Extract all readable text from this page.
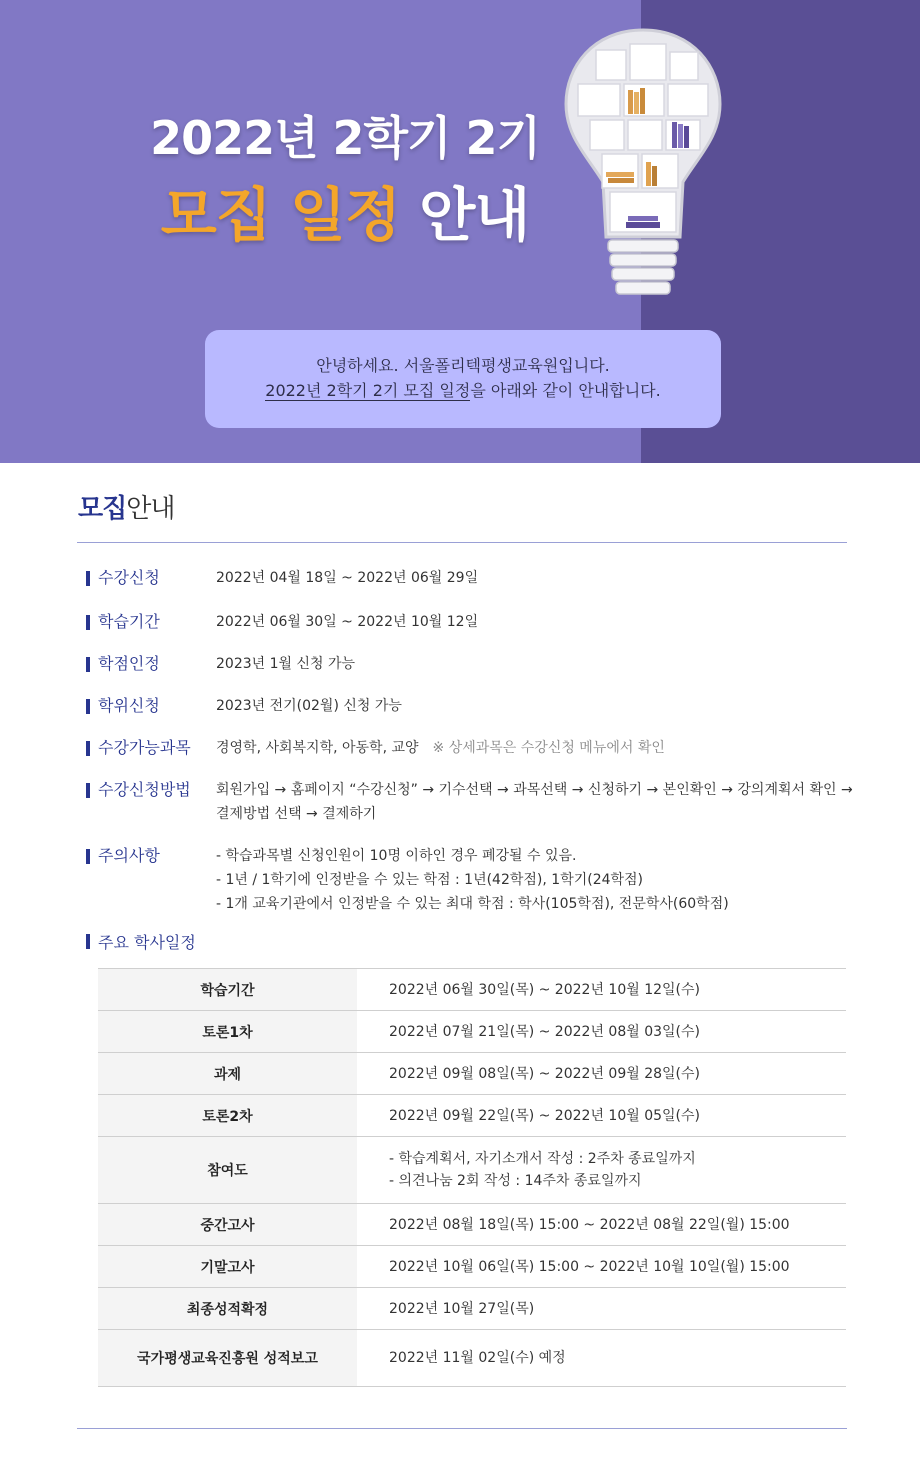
2022년 2학기 2기
모집 일정 안내
안녕하세요. 서울폴리텍평생교육원입니다.
2022년 2학기 2기 모집 일정을 아래와 같이 안내합니다.
모집안내
수강신청	2022년 04월 18일 ~ 2022년 06월 29일
학습기간	2022년 06월 30일 ~ 2022년 10월 12일
학점인정	2023년 1월 신청 가능
학위신청	2023년 전기(02월) 신청 가능
수강가능과목 경영학, 사회복지학, 아동학, 교양 ※ 상세과목은 수강신청 메뉴에서 확인
수강신청방법 회원가입 → 홈페이지 “수강신청” → 기수선택 → 과목선택 → 신청하기 → 본인확인 → 강의계획서 확인 →
결제방법 선택 → 결제하기
주의사항	- 학습과목별 신청인원이 10명 이하인 경우 폐강될 수 있음.
- 1년 / 1학기에 인정받을 수 있는 학점 : 1년(42학점), 1학기(24학점)
- 1개 교육기관에서 인정받을 수 있는 최대 학점 : 학사(105학점), 전문학사(60학점)
주요 학사일정
학습기간	2022년 06월 30일(목) ~ 2022년 10월 12일(수)
토론1차	2022년 07월 21일(목) ~ 2022년 08월 03일(수)
과제	2022년 09월 08일(목) ~ 2022년 09월 28일(수)
토론2차	2022년 09월 22일(목) ~ 2022년 10월 05일(수)
참여도	- 학습계획서, 자기소개서 작성 : 2주차 종료일까지
- 의견나눔 2회 작성 : 14주차 종료일까지

중간고사	2022년 08월 18일(목) 15:00 ~ 2022년 08월 22일(월) 15:00
기말고사	2022년 10월 06일(목) 15:00 ~ 2022년 10월 10일(월) 15:00
최종성적확정	2022년 10월 27일(목)
국가평생교육진흥원 성적보고	2022년 11월 02일(수) 예정
